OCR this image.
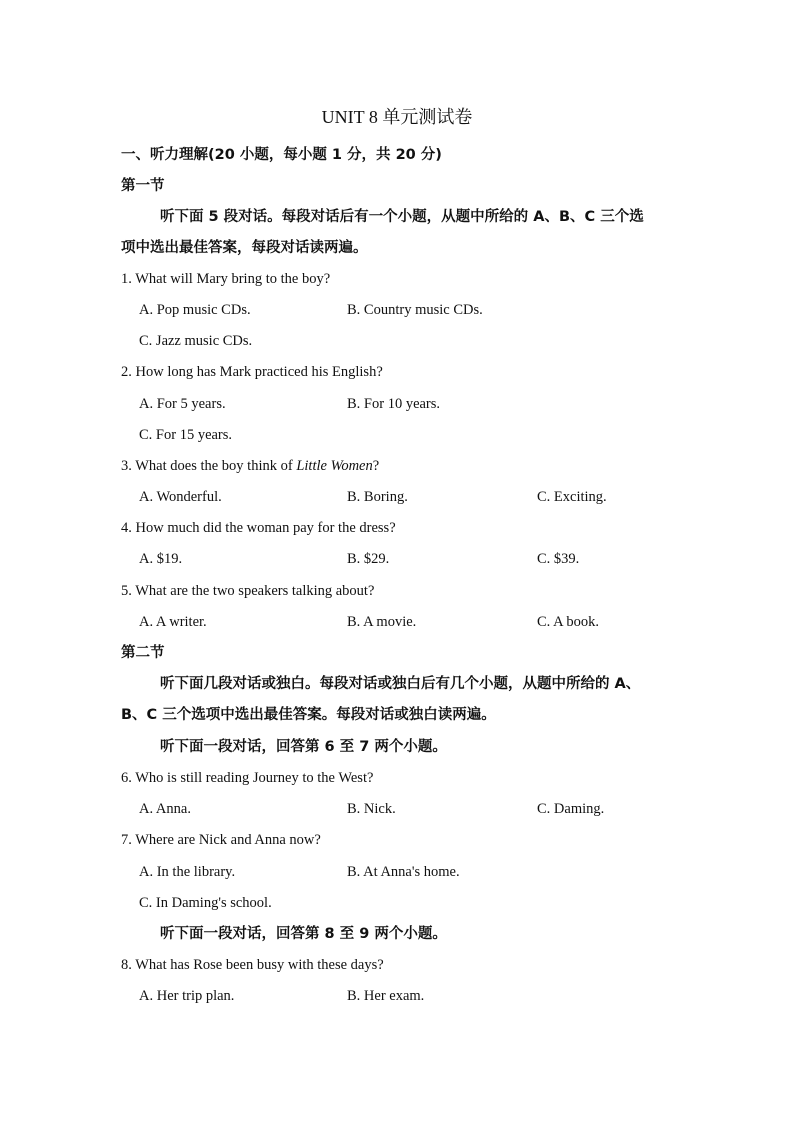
UNIT 8 单元测试卷
一、听力理解(20 小题，每小题 1 分，共 20 分)
第一节
听下面 5 段对话。每段对话后有一个小题，从题中所给的 A、B、C 三个选
项中选出最佳答案，每段对话读两遍。
1. What will Mary bring to the boy?
A. Pop music CDs.	B. Country music CDs.
C. Jazz music CDs.
2. How long has Mark practiced his English?
A. For 5 years.	B. For 10 years.
C. For 15 years.
3. What does the boy think of Little Women?
A. Wonderful.	B. Boring.	C. Exciting.
4. How much did the woman pay for the dress?
A. $19.	B. $29.	C. $39.
5. What are the two speakers talking about?
A. A writer.	B. A movie.	C. A book.
第二节
听下面几段对话或独白。每段对话或独白后有几个小题，从题中所给的 A、
B、C 三个选项中选出最佳答案。每段对话或独白读两遍。
听下面一段对话，回答第 6 至 7 两个小题。
6. Who is still reading Journey to the West?
A. Anna.	B. Nick.	C. Daming.
7. Where are Nick and Anna now?
A. In the library.	B. At Anna's home.
C. In Daming's school.
听下面一段对话，回答第 8 至 9 两个小题。
8. What has Rose been busy with these days?
A. Her trip plan.	B. Her exam.
